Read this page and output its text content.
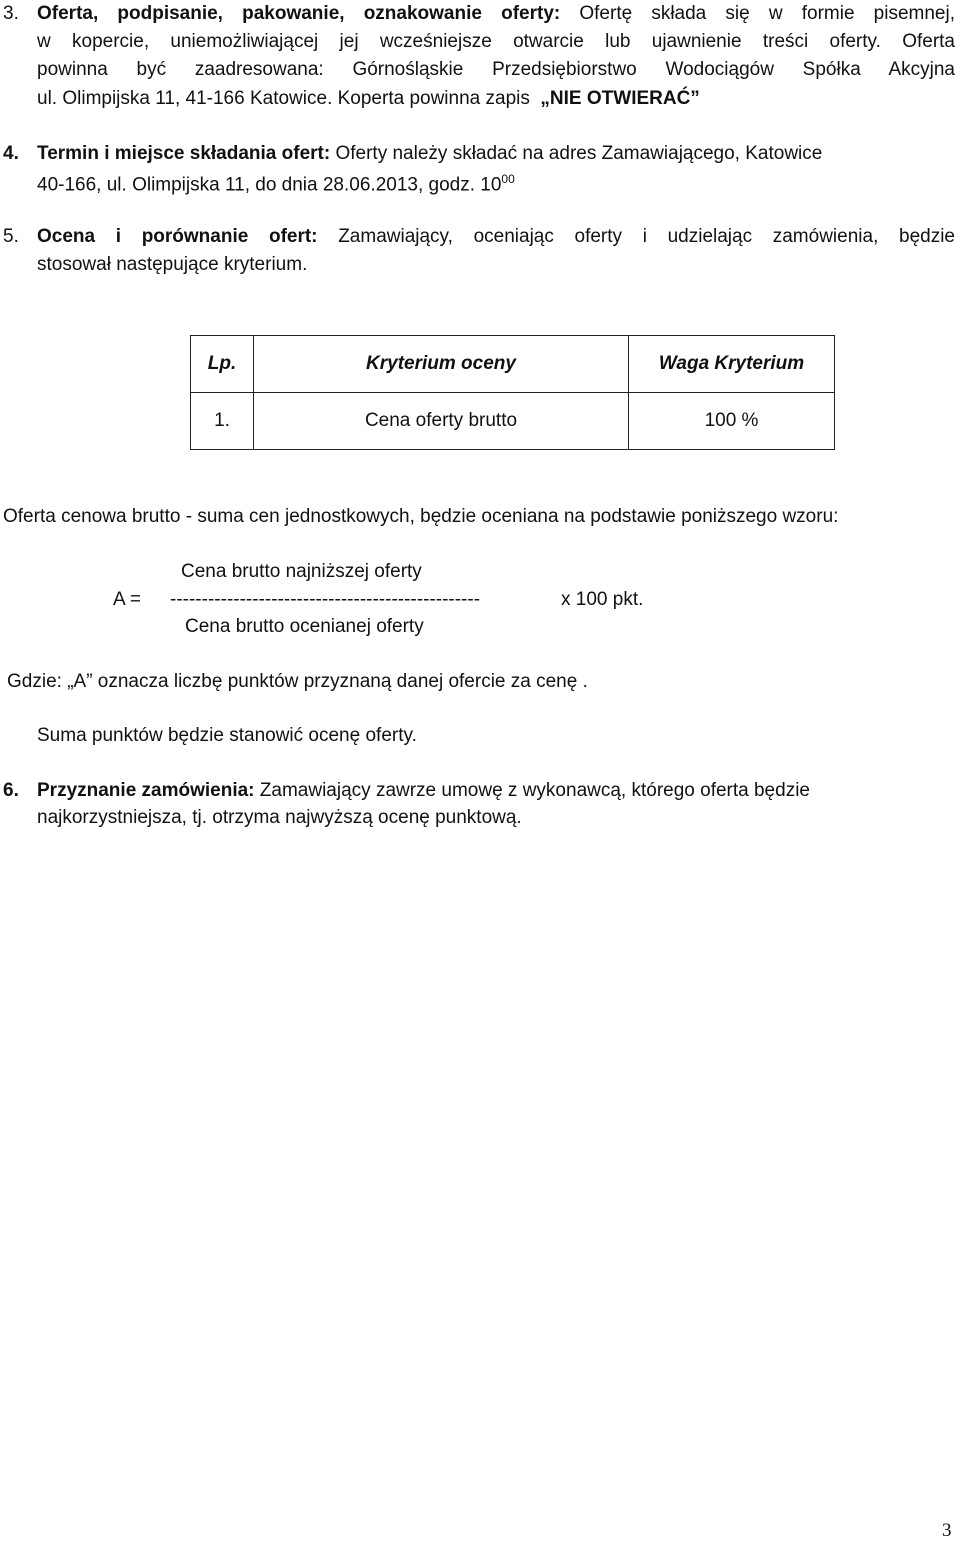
3. Oferta, podpisanie, pakowanie, oznakowanie oferty: Ofertę składa się w formie pisemnej,
w kopercie, uniemożliwiającej jej wcześniejsze otwarcie lub ujawnienie treści oferty. Oferta
powinna być zaadresowana: Górnośląskie Przedsiębiorstwo Wodociągów Spółka Akcyjna
ul. Olimpijska 11, 41-166 Katowice. Koperta powinna zapis „NIE OTWIERAĆ”
4. Termin i miejsce składania ofert: Oferty należy składać na adres Zamawiającego, Katowice
40-166, ul. Olimpijska 11, do dnia 28.06.2013, godz. $10^{00}$
5. Ocena i porównanie ofert: Zamawiający, oceniając oferty i udzielając zamówienia, będzie
stosował następujące kryterium.
Lp.	Kryterium oceny	Waga Kryterium
1.	Cena oferty brutto	100 %
Oferta cenowa brutto - suma cen jednostkowych, będzie oceniana na podstawie poniższego wzoru:
Cena brutto najniższej oferty
A = -------------------------------------------------	x 100 pkt.
Cena brutto ocenianej oferty
Gdzie: „A” oznacza liczbę punktów przyznaną danej ofercie za cenę .
Suma punktów będzie stanowić ocenę oferty.
6. Przyznanie zamówienia: Zamawiający zawrze umowę z wykonawcą, którego oferta będzie
najkorzystniejsza, tj. otrzyma najwyższą ocenę punktową.
3
